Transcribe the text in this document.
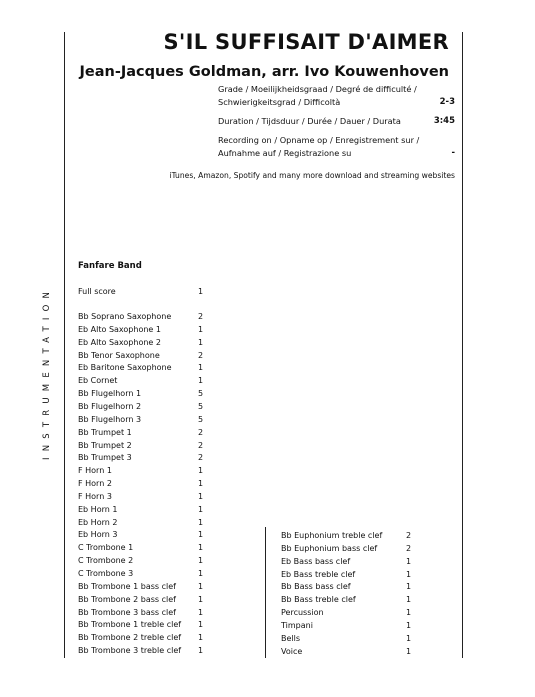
S'IL SUFFISAIT D'AIMER
Jean-Jacques Goldman, arr. Ivo Kouwenhoven
Grade / Moeilijkheidsgraad / Degré de difficulté /
Schwierigkeitsgrad / Difficoltà	2-3
Duration / Tijdsduur / Durée / Dauer / Durata	3:45
Recording on / Opname op / Enregistrement sur /
Aufnahme auf / Registrazione su	-
iTunes, Amazon, Spotify and many more download and streaming websites
INSTRUMENTATION
Fanfare Band
Full score	1
Bb Soprano Saxophone	2
Eb Alto Saxophone 1	1
Eb Alto Saxophone 2	1
Bb Tenor Saxophone	2
Eb Baritone Saxophone	1
Eb Cornet	1
Bb Flugelhorn 1	5
Bb Flugelhorn 2	5
Bb Flugelhorn 3	5
Bb Trumpet 1	2
Bb Trumpet 2	2
Bb Trumpet 3	2
F Horn 1	1
F Horn 2	1
F Horn 3	1
Eb Horn 1	1
Eb Horn 2	1
Eb Horn 3	1
C Trombone 1	1
C Trombone 2	1
C Trombone 3	1
Bb Trombone 1 bass clef	1
Bb Trombone 2 bass clef	1
Bb Trombone 3 bass clef	1
Bb Trombone 1 treble clef 1
Bb Trombone 2 treble clef 1
Bb Trombone 3 treble clef 1
Bb Euphonium treble clef	2
Bb Euphonium bass clef	2
Eb Bass bass clef	1
Eb Bass treble clef	1
Bb Bass bass clef	1
Bb Bass treble clef	1
Percussion	1
Timpani	1
Bells	1
Voice	1
